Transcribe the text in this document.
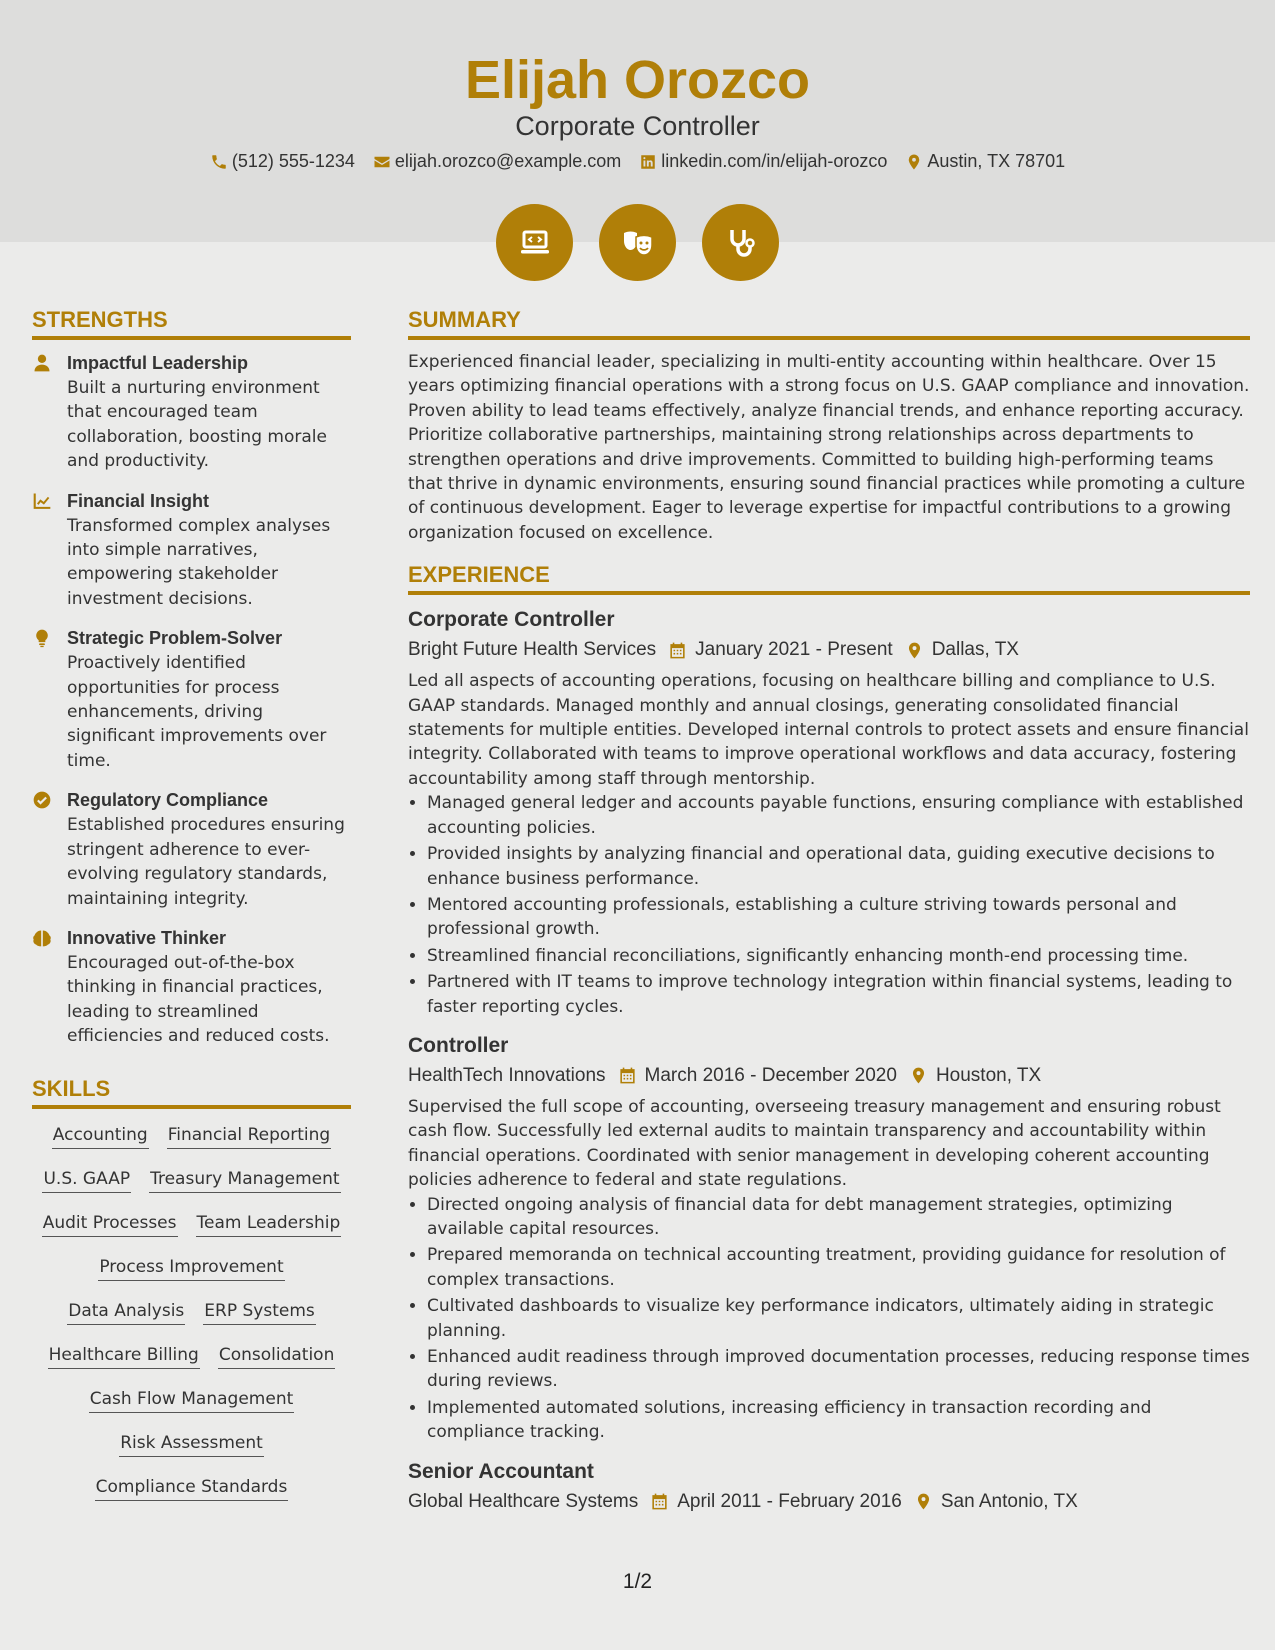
Elijah Orozco
Corporate Controller
(512) 555-1234 elijah.orozco@example.com linkedin.com/in/elijah-orozco Austin, TX 78701
STRENGTHS
Impactful Leadership
Built a nurturing environment that encouraged team collaboration, boosting morale and productivity.
Financial Insight
Transformed complex analyses into simple narratives, empowering stakeholder investment decisions.
Strategic Problem-Solver
Proactively identified opportunities for process enhancements, driving significant improvements over time.
Regulatory Compliance
Established procedures ensuring stringent adherence to ever-evolving regulatory standards, maintaining integrity.
Innovative Thinker
Encouraged out-of-the-box thinking in financial practices, leading to streamlined efficiencies and reduced costs.
SKILLS
Accounting Financial Reporting
U.S. GAAP Treasury Management
Audit Processes Team Leadership
Process Improvement
Data Analysis ERP Systems
Healthcare Billing Consolidation
Cash Flow Management
Risk Assessment
Compliance Standards
SUMMARY
Experienced financial leader, specializing in multi-entity accounting within healthcare. Over 15 years optimizing financial operations with a strong focus on U.S. GAAP compliance and innovation. Proven ability to lead teams effectively, analyze financial trends, and enhance reporting accuracy. Prioritize collaborative partnerships, maintaining strong relationships across departments to strengthen operations and drive improvements. Committed to building high-performing teams that thrive in dynamic environments, ensuring sound financial practices while promoting a culture of continuous development. Eager to leverage expertise for impactful contributions to a growing organization focused on excellence.
EXPERIENCE
Corporate Controller
Bright Future Health Services January 2021 - Present Dallas, TX
Led all aspects of accounting operations, focusing on healthcare billing and compliance to U.S. GAAP standards. Managed monthly and annual closings, generating consolidated financial statements for multiple entities. Developed internal controls to protect assets and ensure financial integrity. Collaborated with teams to improve operational workflows and data accuracy, fostering accountability among staff through mentorship.
• Managed general ledger and accounts payable functions, ensuring compliance with established accounting policies.
• Provided insights by analyzing financial and operational data, guiding executive decisions to enhance business performance.
• Mentored accounting professionals, establishing a culture striving towards personal and professional growth.
• Streamlined financial reconciliations, significantly enhancing month-end processing time.
• Partnered with IT teams to improve technology integration within financial systems, leading to faster reporting cycles.
Controller
HealthTech Innovations March 2016 - December 2020 Houston, TX
Supervised the full scope of accounting, overseeing treasury management and ensuring robust cash flow. Successfully led external audits to maintain transparency and accountability within financial operations. Coordinated with senior management in developing coherent accounting policies adherence to federal and state regulations.
• Directed ongoing analysis of financial data for debt management strategies, optimizing available capital resources.
• Prepared memoranda on technical accounting treatment, providing guidance for resolution of complex transactions.
• Cultivated dashboards to visualize key performance indicators, ultimately aiding in strategic planning.
• Enhanced audit readiness through improved documentation processes, reducing response times during reviews.
• Implemented automated solutions, increasing efficiency in transaction recording and compliance tracking.
Senior Accountant
Global Healthcare Systems April 2011 - February 2016 San Antonio, TX
1/2
